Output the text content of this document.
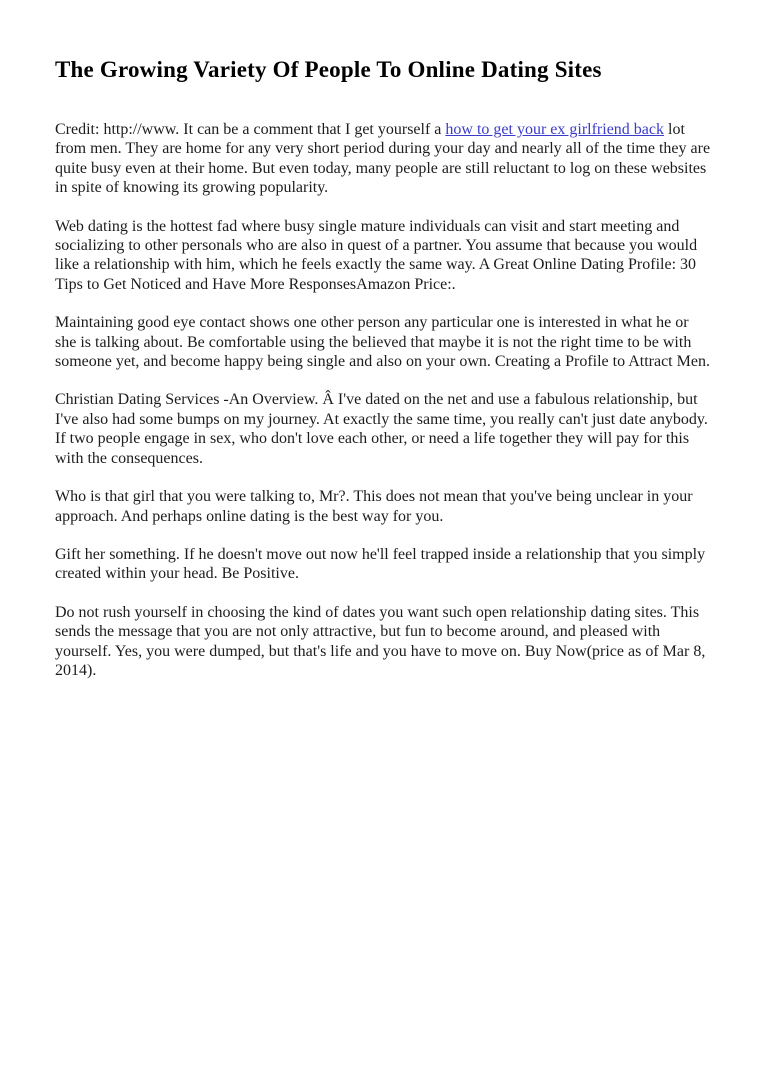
The Growing Variety Of People To Online Dating Sites

Credit: http://www. It can be a comment that I get yourself a how to get your ex girlfriend back lot from men. They are home for any very short period during your day and nearly all of the time they are quite busy even at their home. But even today, many people are still reluctant to log on these websites in spite of knowing its growing popularity.

Web dating is the hottest fad where busy single mature individuals can visit and start meeting and socializing to other personals who are also in quest of a partner. You assume that because you would like a relationship with him, which he feels exactly the same way. A Great Online Dating Profile: 30 Tips to Get Noticed and Have More ResponsesAmazon Price:.

Maintaining good eye contact shows one other person any particular one is interested in what he or she is talking about. Be comfortable using the believed that maybe it is not the right time to be with someone yet, and become happy being single and also on your own. Creating a Profile to Attract Men.

Christian Dating Services -An Overview. Â I've dated on the net and use a fabulous relationship, but I've also had some bumps on my journey. At exactly the same time, you really can't just date anybody. If two people engage in sex, who don't love each other, or need a life together they will pay for this with the consequences.

Who is that girl that you were talking to, Mr?. This does not mean that you've being unclear in your approach. And perhaps online dating is the best way for you.

Gift her something. If he doesn't move out now he'll feel trapped inside a relationship that you simply created within your head. Be Positive.

Do not rush yourself in choosing the kind of dates you want such open relationship dating sites. This sends the message that you are not only attractive, but fun to become around, and pleased with yourself. Yes, you were dumped, but that's life and you have to move on. Buy Now(price as of Mar 8, 2014).
